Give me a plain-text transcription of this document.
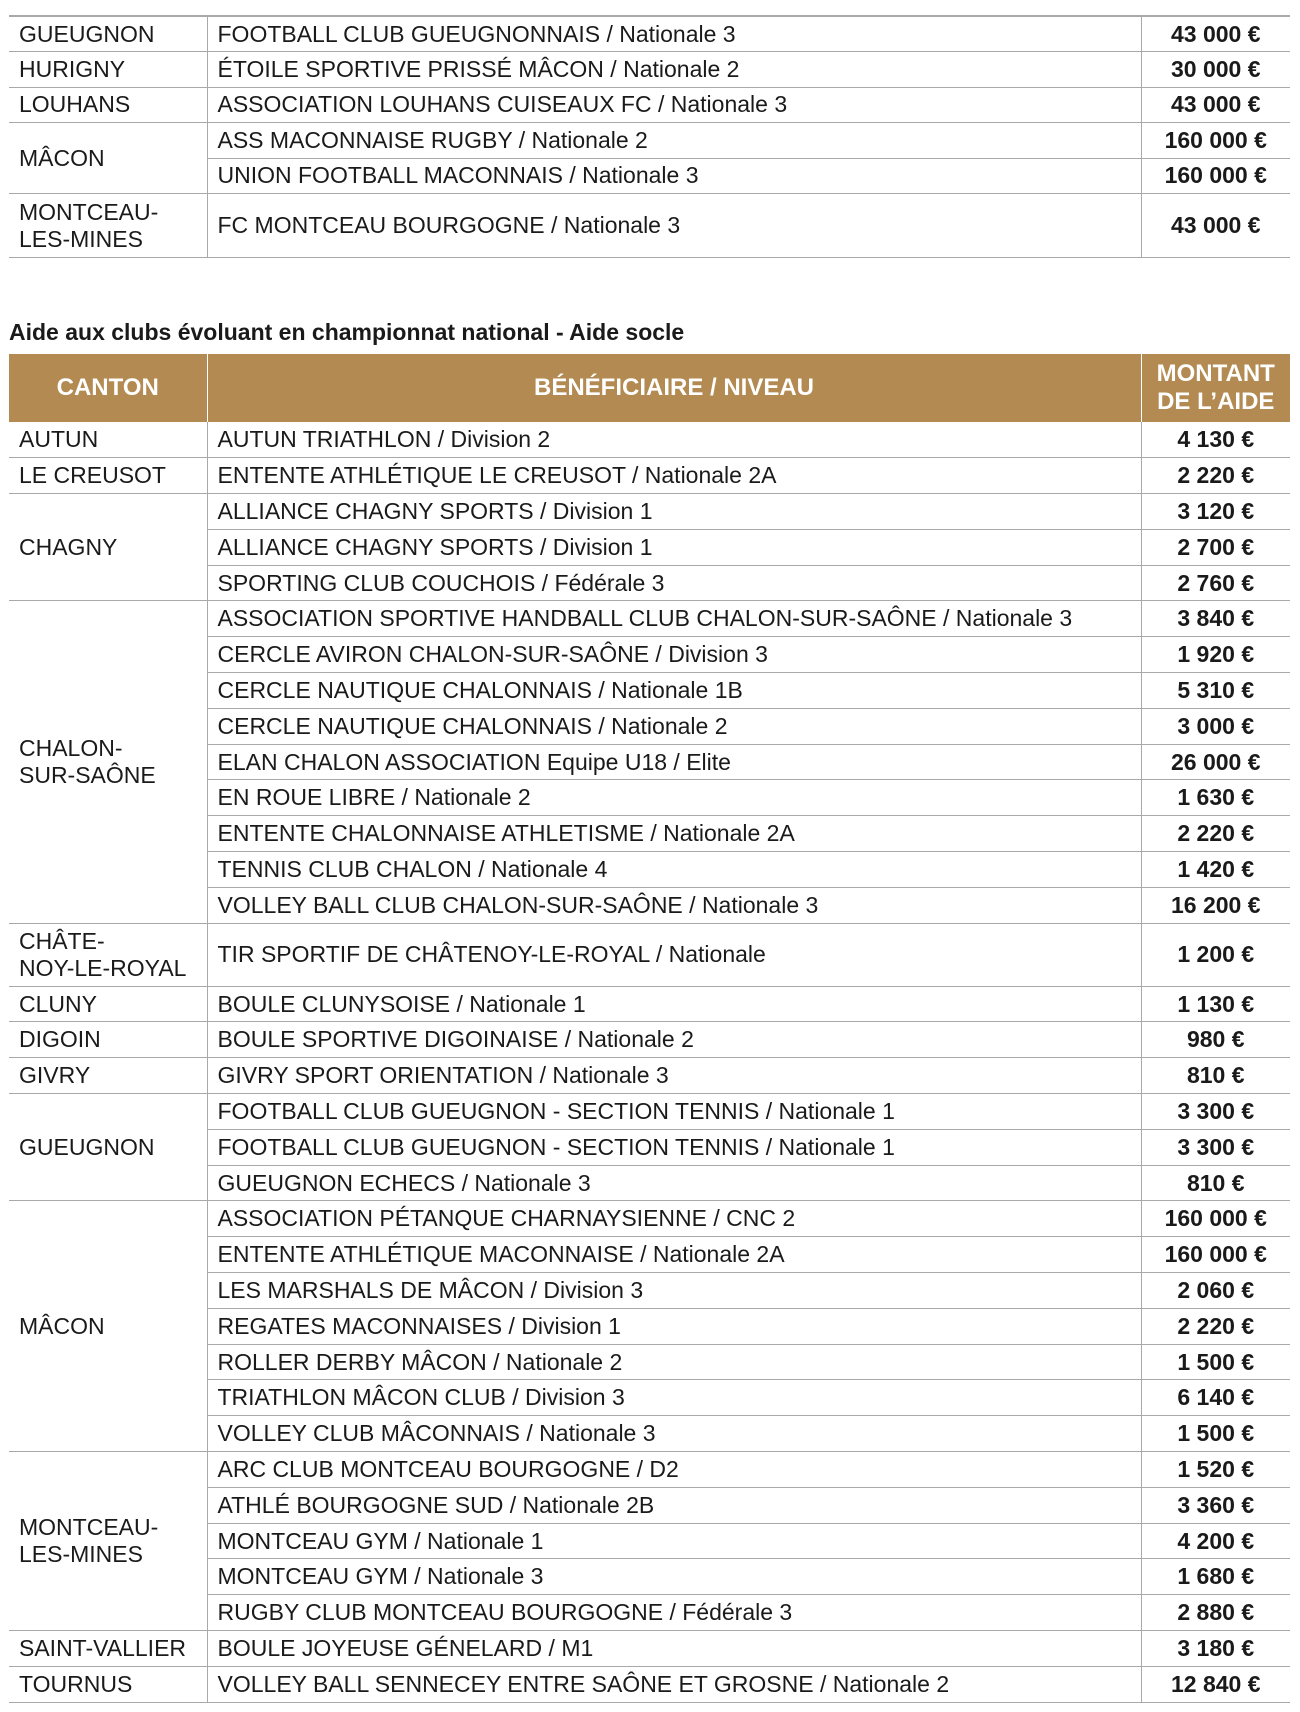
GUEUGNON	FOOTBALL CLUB GUEUGNONNAIS / Nationale 3	43 000 €
HURIGNY	ÉTOILE SPORTIVE PRISSÉ MÂCON / Nationale 2	30 000 €
LOUHANS	ASSOCIATION LOUHANS CUISEAUX FC / Nationale 3	43 000 €
MÂCON	ASS MACONNAISE RUGBY / Nationale 2	160 000 €
	UNION FOOTBALL MACONNAIS / Nationale 3	160 000 €
MONTCEAU-
LES-MINES	FC MONTCEAU BOURGOGNE / Nationale 3	43 000 €
Aide aux clubs évoluant en championnat national - Aide socle
CANTON	BÉNÉFICIAIRE / NIVEAU	MONTANT
DE L’AIDE
AUTUN	AUTUN TRIATHLON / Division 2	4 130 €
LE CREUSOT	ENTENTE ATHLÉTIQUE LE CREUSOT / Nationale 2A	2 220 €
CHAGNY	ALLIANCE CHAGNY SPORTS / Division 1	3 120 €
	ALLIANCE CHAGNY SPORTS / Division 1	2 700 €
	SPORTING CLUB COUCHOIS / Fédérale 3	2 760 €
CHALON-
SUR-SAÔNE	ASSOCIATION SPORTIVE HANDBALL CLUB CHALON-SUR-SAÔNE / Nationale 3	3 840 €
	CERCLE AVIRON CHALON-SUR-SAÔNE / Division 3	1 920 €
	CERCLE NAUTIQUE CHALONNAIS / Nationale 1B	5 310 €
	CERCLE NAUTIQUE CHALONNAIS / Nationale 2	3 000 €
	ELAN CHALON ASSOCIATION Equipe U18 / Elite	26 000 €
	EN ROUE LIBRE / Nationale 2	1 630 €
	ENTENTE CHALONNAISE ATHLETISME / Nationale 2A	2 220 €
	TENNIS CLUB CHALON / Nationale 4	1 420 €
	VOLLEY BALL CLUB CHALON-SUR-SAÔNE / Nationale 3	16 200 €
CHÂTE-
NOY-LE-ROYAL	TIR SPORTIF DE CHÂTENOY-LE-ROYAL / Nationale	1 200 €
CLUNY	BOULE CLUNYSOISE / Nationale 1	1 130 €
DIGOIN	BOULE SPORTIVE DIGOINAISE / Nationale 2	980 €
GIVRY	GIVRY SPORT ORIENTATION / Nationale 3	810 €
GUEUGNON	FOOTBALL CLUB GUEUGNON - SECTION TENNIS / Nationale 1	3 300 €
	FOOTBALL CLUB GUEUGNON - SECTION TENNIS / Nationale 1	3 300 €
	GUEUGNON ECHECS / Nationale 3	810 €
MÂCON	ASSOCIATION PÉTANQUE CHARNAYSIENNE / CNC 2	160 000 €
	ENTENTE ATHLÉTIQUE MACONNAISE / Nationale 2A	160 000 €
	LES MARSHALS DE MÂCON / Division 3	2 060 €
	REGATES MACONNAISES / Division 1	2 220 €
	ROLLER DERBY MÂCON / Nationale 2	1 500 €
	TRIATHLON MÂCON CLUB / Division 3	6 140 €
	VOLLEY CLUB MÂCONNAIS / Nationale 3	1 500 €
MONTCEAU-
LES-MINES	ARC CLUB MONTCEAU BOURGOGNE / D2	1 520 €
	ATHLÉ BOURGOGNE SUD / Nationale 2B	3 360 €
	MONTCEAU GYM / Nationale 1	4 200 €
	MONTCEAU GYM / Nationale 3	1 680 €
	RUGBY CLUB MONTCEAU BOURGOGNE / Fédérale 3	2 880 €
SAINT-VALLIER	BOULE JOYEUSE GÉNELARD / M1	3 180 €
TOURNUS	VOLLEY BALL SENNECEY ENTRE SAÔNE ET GROSNE / Nationale 2	12 840 €
